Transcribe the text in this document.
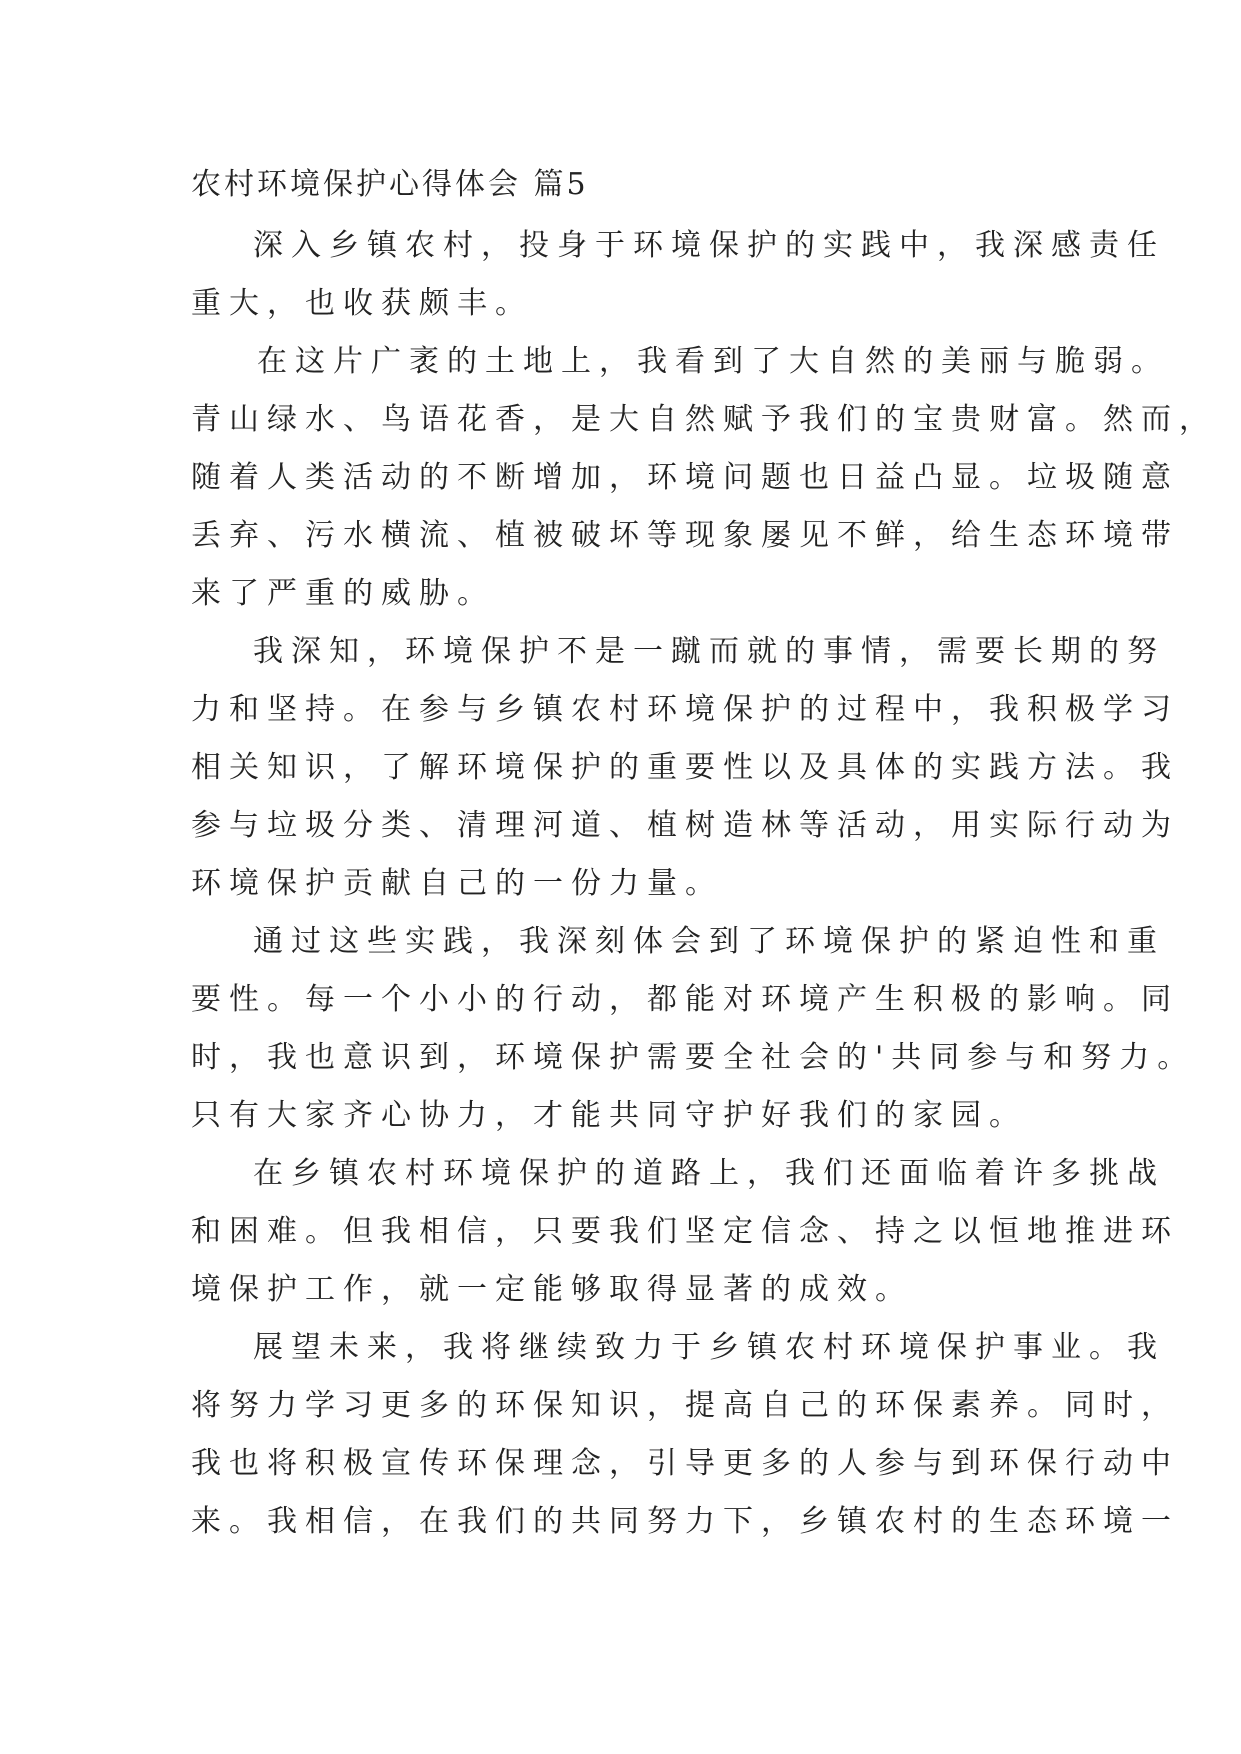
农村环境保护心得体会 篇5
深入乡镇农村，投身于环境保护的实践中，我深感责任
重大，也收获颇丰。
在这片广袤的土地上，我看到了大自然的美丽与脆弱。
青山绿水、鸟语花香，是大自然赋予我们的宝贵财富。然而，
随着人类活动的不断增加，环境问题也日益凸显。垃圾随意
丢弃、污水横流、植被破坏等现象屡见不鲜，给生态环境带
来了严重的威胁。
我深知，环境保护不是一蹴而就的事情，需要长期的努
力和坚持。在参与乡镇农村环境保护的过程中，我积极学习
相关知识，了解环境保护的重要性以及具体的实践方法。我
参与垃圾分类、清理河道、植树造林等活动，用实际行动为
环境保护贡献自己的一份力量。
通过这些实践，我深刻体会到了环境保护的紧迫性和重
要性。每一个小小的行动，都能对环境产生积极的影响。同
时，我也意识到，环境保护需要全社会的'共同参与和努力。
只有大家齐心协力，才能共同守护好我们的家园。
在乡镇农村环境保护的道路上，我们还面临着许多挑战
和困难。但我相信，只要我们坚定信念、持之以恒地推进环
境保护工作，就一定能够取得显著的成效。
展望未来，我将继续致力于乡镇农村环境保护事业。我
将努力学习更多的环保知识，提高自己的环保素养。同时，
我也将积极宣传环保理念，引导更多的人参与到环保行动中
来。我相信，在我们的共同努力下，乡镇农村的生态环境一
